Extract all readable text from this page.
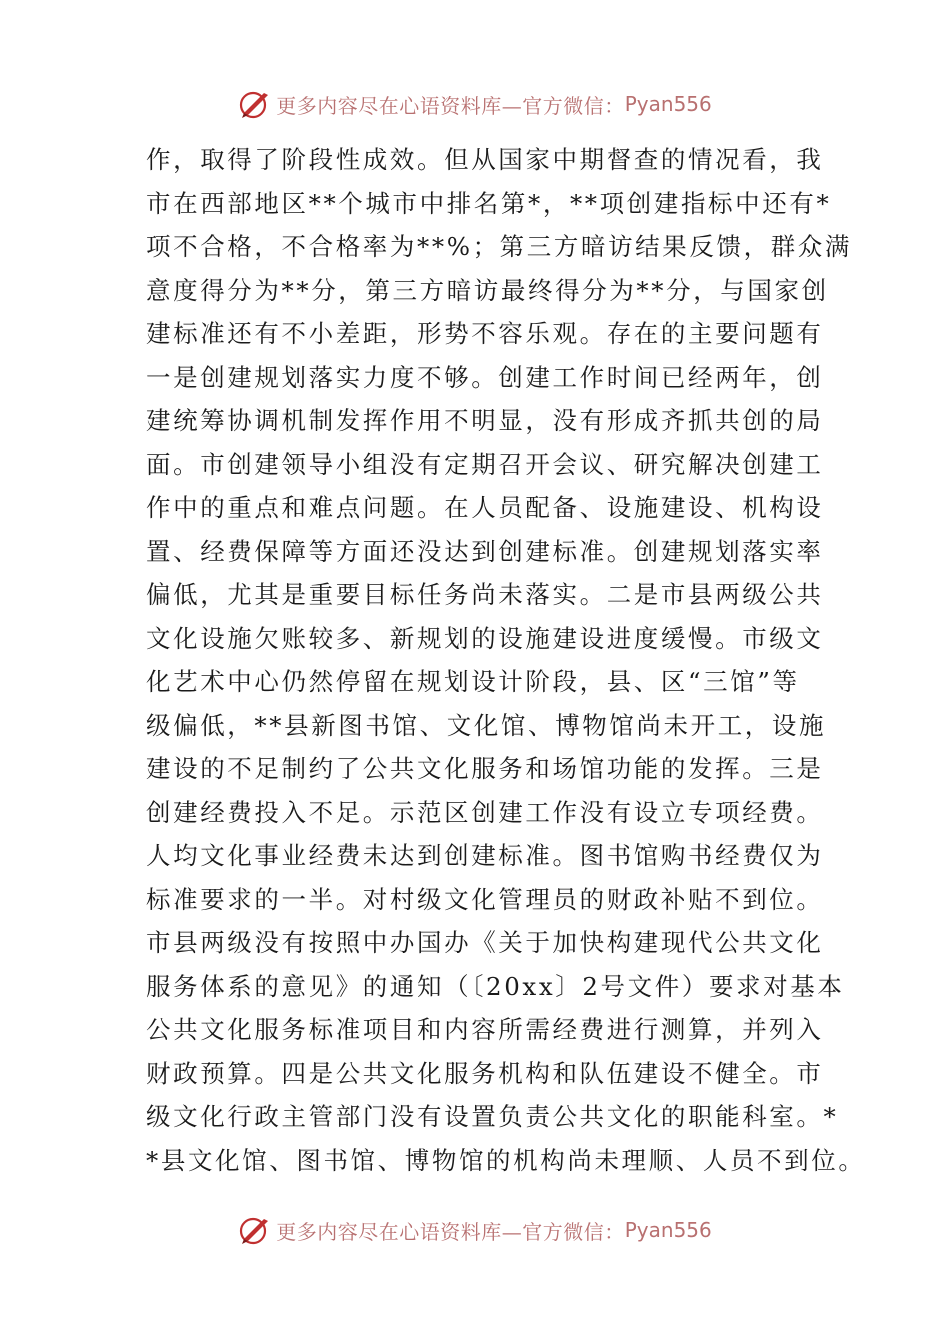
更多内容尽在心语资料库—官方微信： Pyan556
作，取得了阶段性成效。但从国家中期督查的情况看，我
市在西部地区**个城市中排名第*，**项创建指标中还有*
项不合格，不合格率为**%；第三方暗访结果反馈，群众满
意度得分为**分，第三方暗访最终得分为**分，与国家创
建标准还有不小差距，形势不容乐观。存在的主要问题有
一是创建规划落实力度不够。创建工作时间已经两年，创
建统筹协调机制发挥作用不明显，没有形成齐抓共创的局
面。市创建领导小组没有定期召开会议、研究解决创建工
作中的重点和难点问题。在人员配备、设施建设、机构设
置、经费保障等方面还没达到创建标准。创建规划落实率
偏低，尤其是重要目标任务尚未落实。二是市县两级公共
文化设施欠账较多、新规划的设施建设进度缓慢。市级文
化艺术中心仍然停留在规划设计阶段，县、区“三馆”等
级偏低，**县新图书馆、文化馆、博物馆尚未开工，设施
建设的不足制约了公共文化服务和场馆功能的发挥。三是
创建经费投入不足。示范区创建工作没有设立专项经费。
人均文化事业经费未达到创建标准。图书馆购书经费仅为
标准要求的一半。对村级文化管理员的财政补贴不到位。
市县两级没有按照中办国办《关于加快构建现代公共文化
服务体系的意见》的通知（〔20xx〕2号文件）要求对基本
公共文化服务标准项目和内容所需经费进行测算，并列入
财政预算。四是公共文化服务机构和队伍建设不健全。市
级文化行政主管部门没有设置负责公共文化的职能科室。*
*县文化馆、图书馆、博物馆的机构尚未理顺、人员不到位。
更多内容尽在心语资料库—官方微信： Pyan556
